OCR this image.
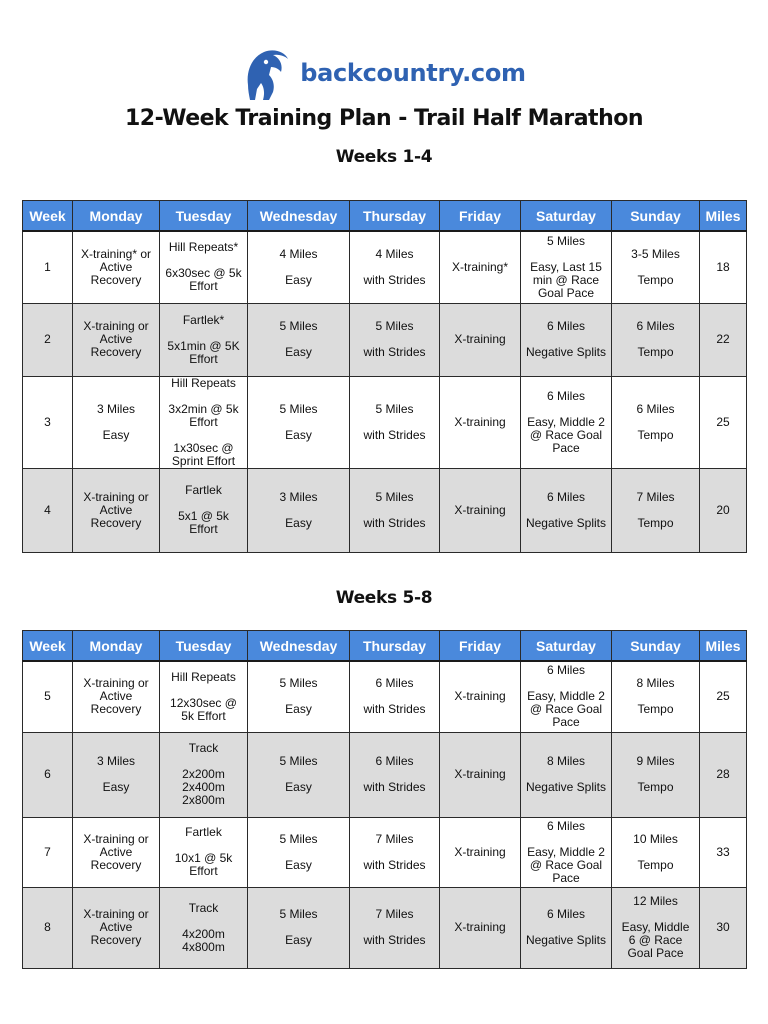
backcountry.com
12-Week Training Plan - Trail Half Marathon
Weeks 1-4
Week	Monday	Tuesday	Wednesday	Thursday	Friday	Saturday	Sunday	Miles
1	X-training* or
Active
Recovery	Hill Repeats*
6x30sec @ 5k
Effort	4 Miles
Easy	4 Miles
with Strides	X-training*	5 Miles
Easy, Last 15
min @ Race
Goal Pace	3-5 Miles
Tempo	18
2	X-training or
Active
Recovery	Fartlek*
5x1min @ 5K
Effort	5 Miles
Easy	5 Miles
with Strides	X-training	6 Miles
Negative Splits	6 Miles
Tempo	22
3	3 Miles
Easy	Hill Repeats
3x2min @ 5k
Effort
1x30sec @
Sprint Effort	5 Miles
Easy	5 Miles
with Strides	X-training	6 Miles
Easy, Middle 2
@ Race Goal
Pace	6 Miles
Tempo	25
4	X-training or
Active
Recovery	Fartlek
5x1 @ 5k
Effort	3 Miles
Easy	5 Miles
with Strides	X-training	6 Miles
Negative Splits	7 Miles
Tempo	20
Weeks 5-8
Week	Monday	Tuesday	Wednesday	Thursday	Friday	Saturday	Sunday	Miles
5	X-training or
Active
Recovery	Hill Repeats
12x30sec @
5k Effort	5 Miles
Easy	6 Miles
with Strides	X-training	6 Miles
Easy, Middle 2
@ Race Goal
Pace	8 Miles
Tempo	25
6	3 Miles
Easy	Track
2x200m
2x400m
2x800m	5 Miles
Easy	6 Miles
with Strides	X-training	8 Miles
Negative Splits	9 Miles
Tempo	28
7	X-training or
Active
Recovery	Fartlek
10x1 @ 5k
Effort	5 Miles
Easy	7 Miles
with Strides	X-training	6 Miles
Easy, Middle 2
@ Race Goal
Pace	10 Miles
Tempo	33
8	X-training or
Active
Recovery	Track
4x200m
4x800m	5 Miles
Easy	7 Miles
with Strides	X-training	6 Miles
Negative Splits	12 Miles
Easy, Middle
6 @ Race
Goal Pace	30
